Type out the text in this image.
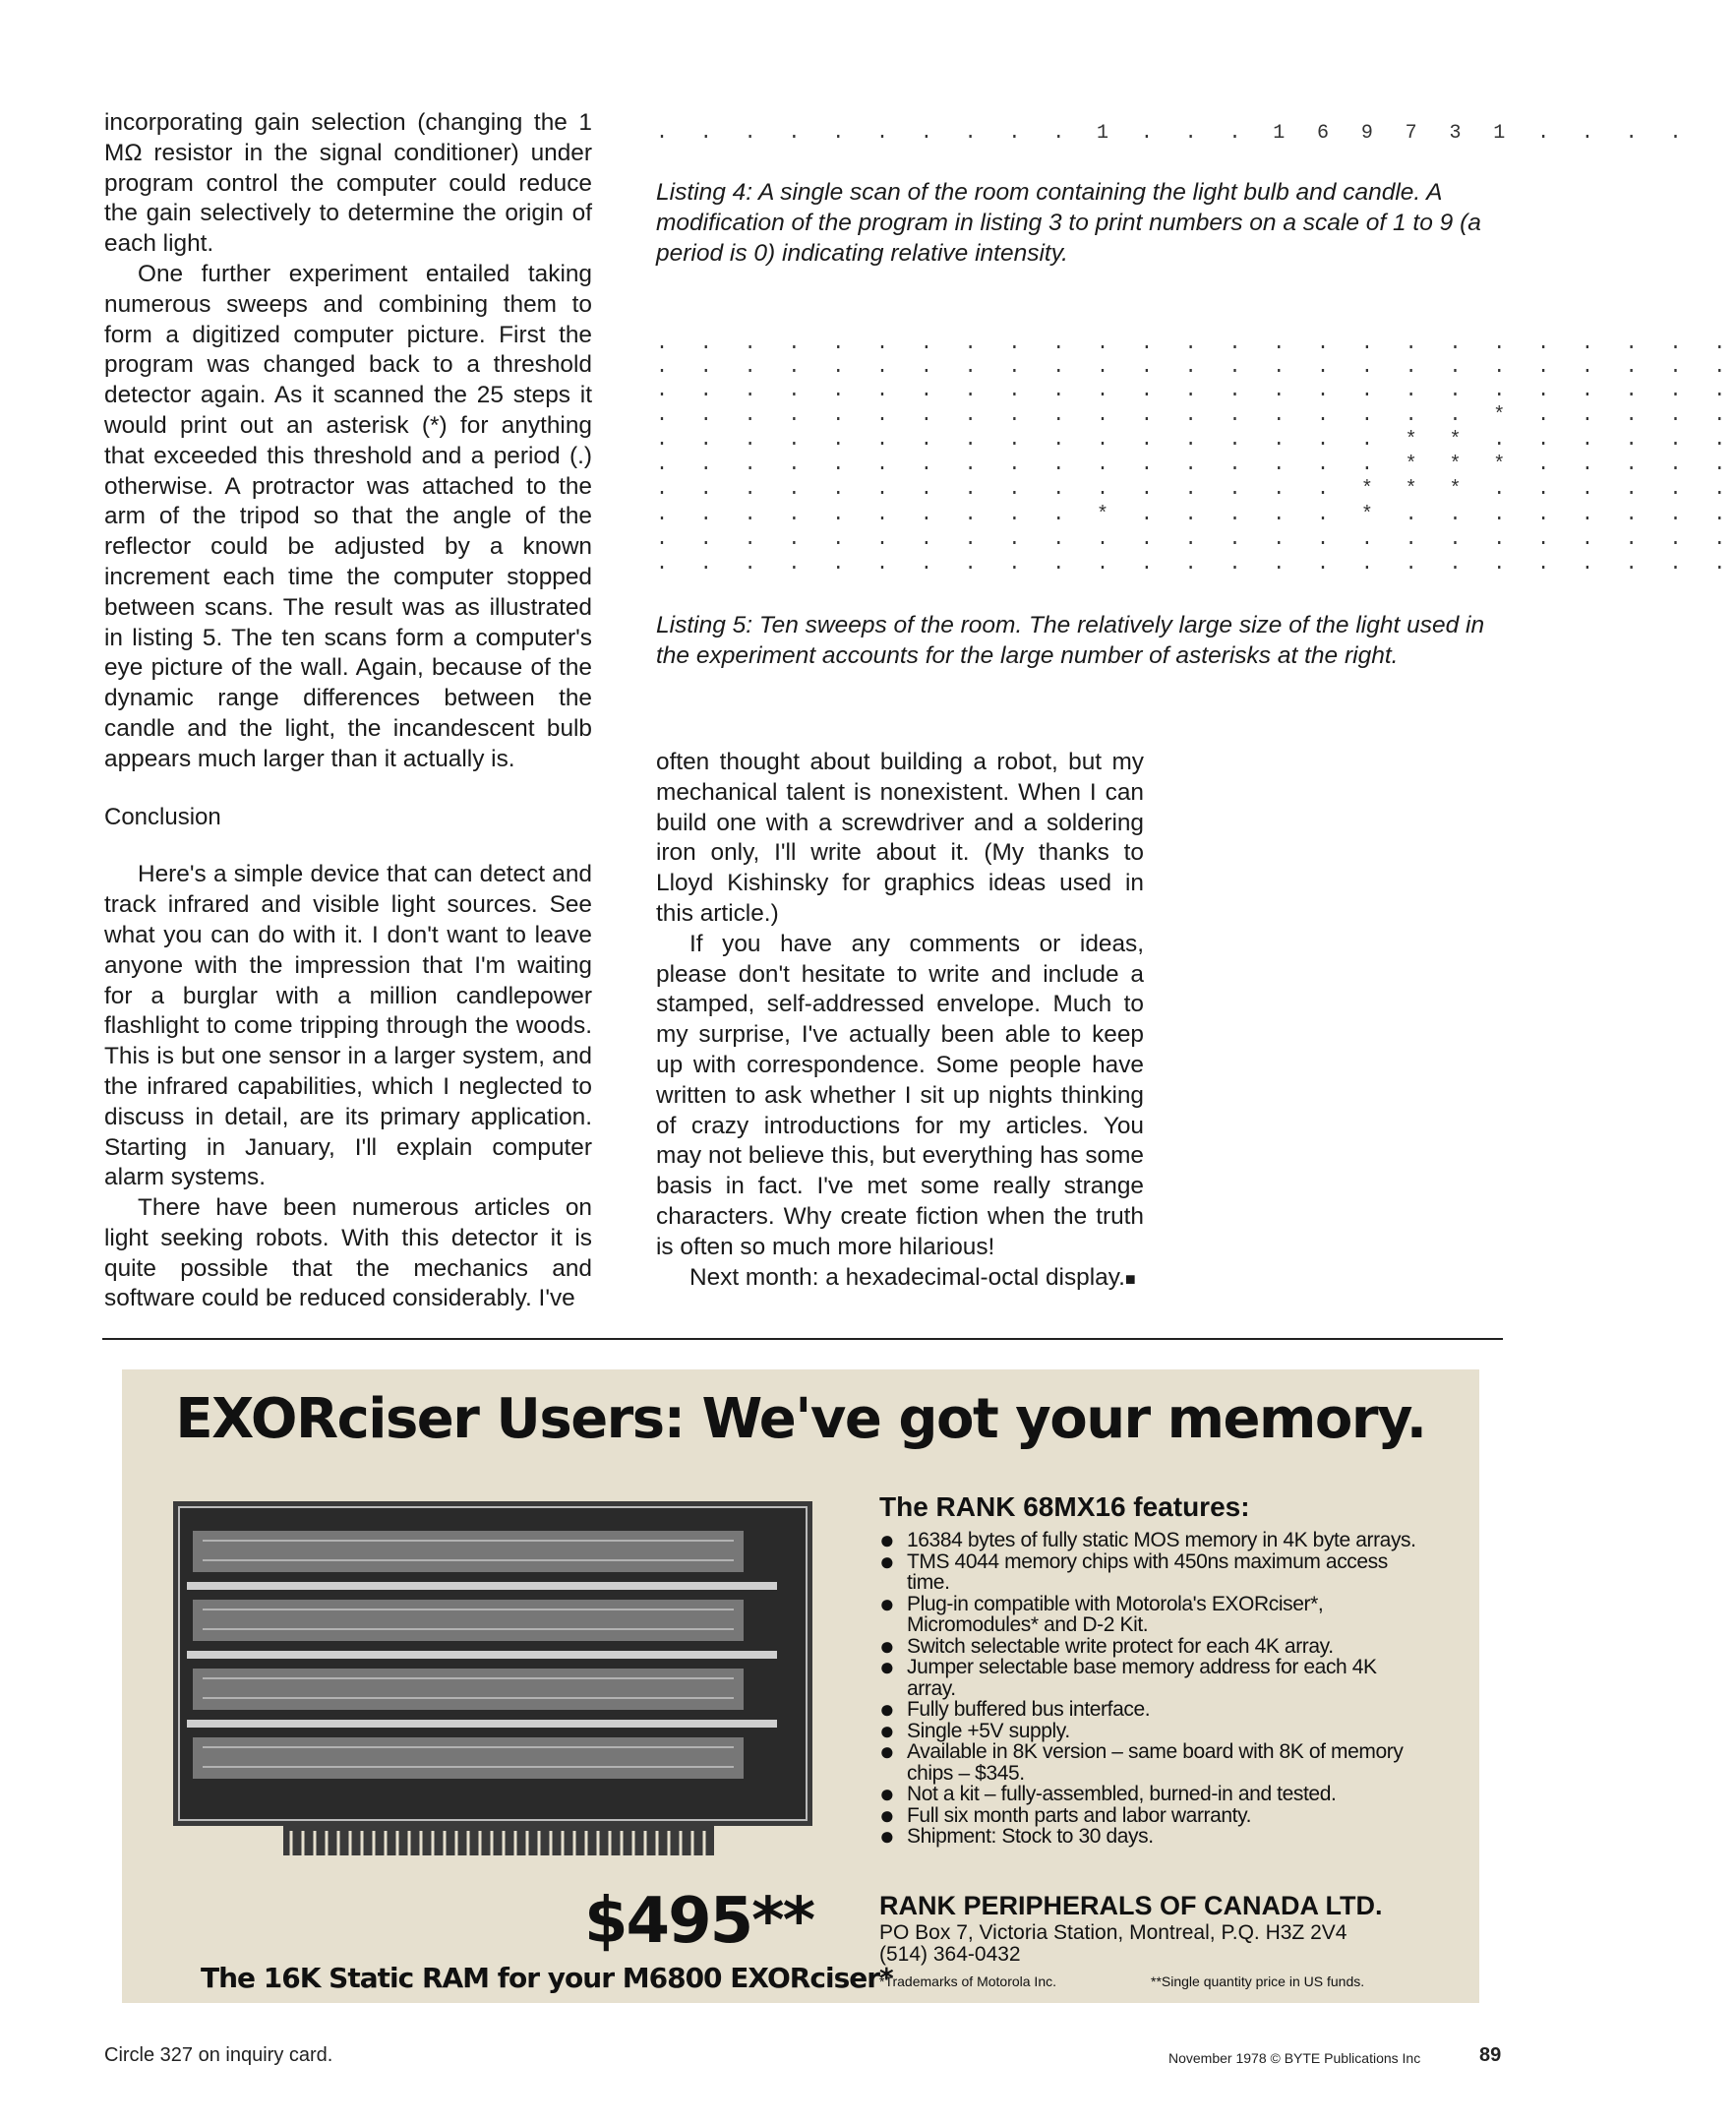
incorporating gain selection (changing the 1 MΩ resistor in the signal conditioner) under program control the computer could reduce the gain selectively to determine the origin of each light.

One further experiment entailed taking numerous sweeps and combining them to form a digitized computer picture. First the program was changed back to a threshold detector again. As it scanned the 25 steps it would print out an asterisk (*) for anything that exceeded this threshold and a period (.) otherwise. A protractor was attached to the arm of the tripod so that the angle of the reflector could be adjusted by a known increment each time the computer stopped between scans. The result was as illustrated in listing 5. The ten scans form a computer's eye picture of the wall. Again, because of the dynamic range differences between the candle and the light, the incandescent bulb appears much larger than it actually is.

Conclusion

Here's a simple device that can detect and track infrared and visible light sources. See what you can do with it. I don't want to leave anyone with the impression that I'm waiting for a burglar with a million candlepower flashlight to come tripping through the woods. This is but one sensor in a larger system, and the infrared capabilities, which I neglected to discuss in detail, are its primary application. Starting in January, I'll explain computer alarm systems.

There have been numerous articles on light seeking robots. With this detector it is quite possible that the mechanics and software could be reduced considerably. I've

. . . . . . . . . . 1 . . . 1 6 9 7 3 1 . . . .
Listing 4: A single scan of the room containing the light bulb and candle. A modification of the program in listing 3 to print numbers on a scale of 1 to 9 (a period is 0) indicating relative intensity.
. . . . . . . . . . . . . . . . . . . . . . . . .
. . . . . . . . . . . . . . . . . . . . . . . . .
. . . . . . . . . . . . . . . . . . . . . . . . .
. . . . . . . . . . . . . . . . . . . * . . . . .
. . . . . . . . . . . . . . . . . * * . . . . . .
. . . . . . . . . . . . . . . . . * * * . . . . .
. . . . . . . . . . . . . . . . * * * . . . . . .
. . . . . . . . . . * . . . . . * . . . . . . . .
. . . . . . . . . . . . . . . . . . . . . . . . .
. . . . . . . . . . . . . . . . . . . . . . . . .
Listing 5: Ten sweeps of the room. The relatively large size of the light used in the experiment accounts for the large number of asterisks at the right.

often thought about building a robot, but my mechanical talent is nonexistent. When I can build one with a screwdriver and a soldering iron only, I'll write about it. (My thanks to Lloyd Kishinsky for graphics ideas used in this article.)

If you have any comments or ideas, please don't hesitate to write and include a stamped, self-addressed envelope. Much to my surprise, I've actually been able to keep up with correspondence. Some people have written to ask whether I sit up nights thinking of crazy introductions for my articles. You may not believe this, but everything has some basis in fact. I've met some really strange characters. Why create fiction when the truth is often so much more hilarious!

Next month: a hexadecimal-octal display.■

EXORciser Users: We've got your memory.
The RANK 68MX16 features:
● 16384 bytes of fully static MOS memory in 4K byte arrays.
● TMS 4044 memory chips with 450ns maximum access time.
● Plug-in compatible with Motorola's EXORciser*, Micromodules* and D-2 Kit.
● Switch selectable write protect for each 4K array.
● Jumper selectable base memory address for each 4K array.
● Fully buffered bus interface.
● Single +5V supply.
● Available in 8K version – same board with 8K of memory chips – $345.
● Not a kit – fully-assembled, burned-in and tested.
● Full six month parts and labor warranty.
● Shipment: Stock to 30 days.
RANK PERIPHERALS OF CANADA LTD.
PO Box 7, Victoria Station, Montreal, P.Q. H3Z 2V4
(514) 364-0432
$495**
The 16K Static RAM for your M6800 EXORciser*
*Trademarks of Motorola Inc.	**Single quantity price in US funds.
Circle 327 on inquiry card.	November 1978 © BYTE Publications Inc	89
